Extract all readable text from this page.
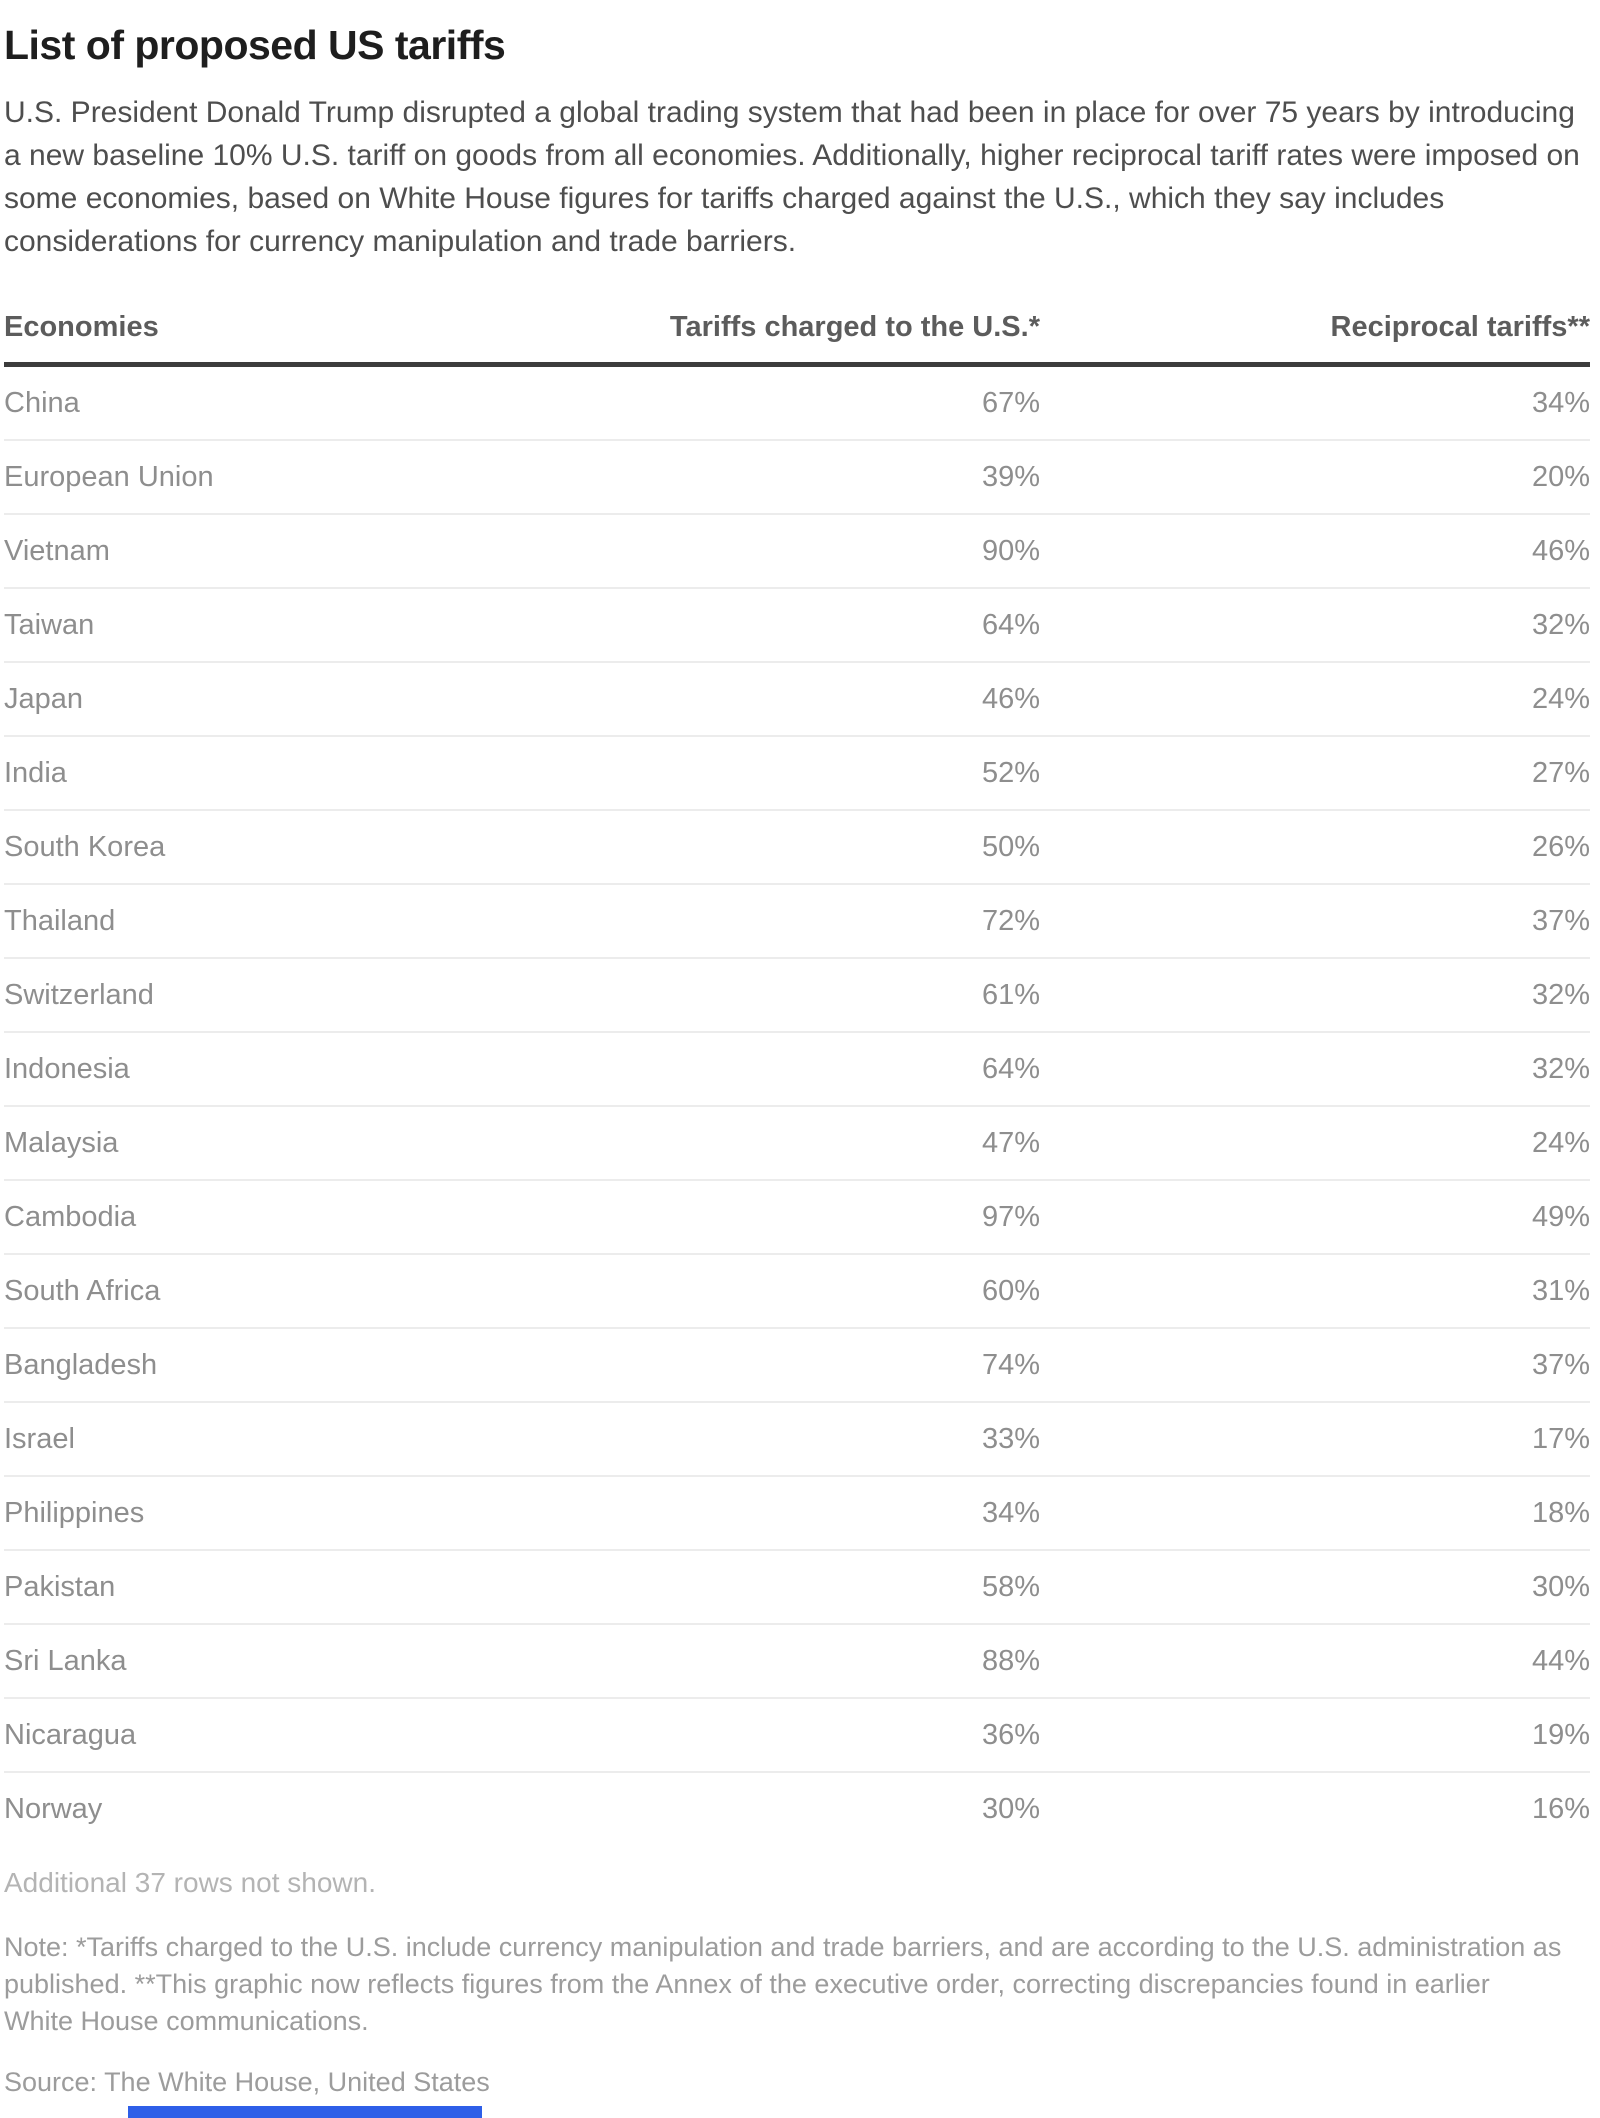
List of proposed US tariffs

U.S. President Donald Trump disrupted a global trading system that had been in place for over 75 years by introducing a new baseline 10% U.S. tariff on goods from all economies. Additionally, higher reciprocal tariff rates were imposed on some economies, based on White House figures for tariffs charged against the U.S., which they say includes considerations for currency manipulation and trade barriers.

Economies	Tariffs charged to the U.S.*	Reciprocal tariffs**
China	67%	34%
European Union	39%	20%
Vietnam	90%	46%
Taiwan	64%	32%
Japan	46%	24%
India	52%	27%
South Korea	50%	26%
Thailand	72%	37%
Switzerland	61%	32%
Indonesia	64%	32%
Malaysia	47%	24%
Cambodia	97%	49%
South Africa	60%	31%
Bangladesh	74%	37%
Israel	33%	17%
Philippines	34%	18%
Pakistan	58%	30%
Sri Lanka	88%	44%
Nicaragua	36%	19%
Norway	30%	16%
Additional 37 rows not shown.

Note: *Tariffs charged to the U.S. include currency manipulation and trade barriers, and are according to the U.S. administration as published. **This graphic now reflects figures from the Annex of the executive order, correcting discrepancies found in earlier White House communications.

Source: The White House, United States
